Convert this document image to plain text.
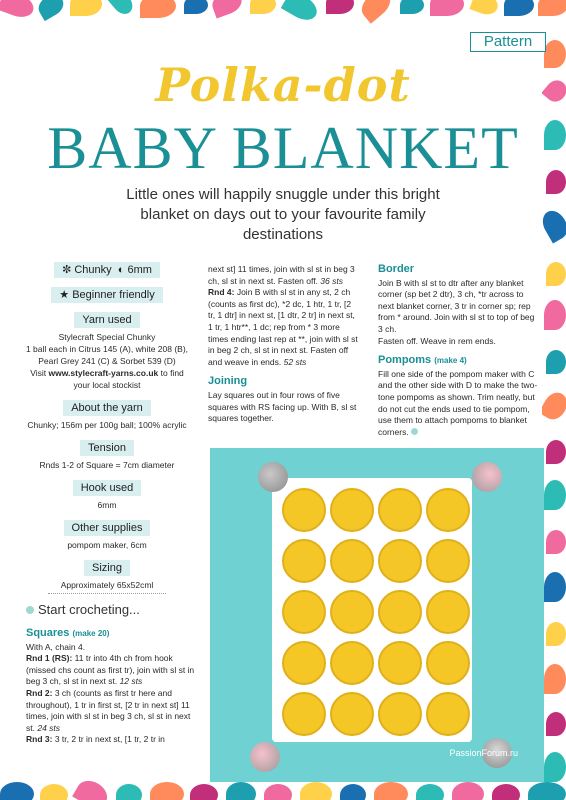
Pattern
Polka-dot
BABY BLANKET
Little ones will happily snuggle under this bright blanket on days out to your favourite family destinations
✼ Chunky ◐ 6mm
★ Beginner friendly
Yarn used
Stylecraft Special Chunky
1 ball each in Citrus 145 (A), white 208 (B), Pearl Grey 241 (C) & Sorbet 539 (D)
Visit www.stylecraft-yarns.co.uk to find your local stockist
About the yarn
Chunky; 156m per 100g ball; 100% acrylic
Tension
Rnds 1-2 of Square = 7cm diameter
Hook used
6mm
Other supplies
pompom maker, 6cm
Sizing
Approximately 65x52cml
Start crocheting...
Squares (make 20)
With A, chain 4.
Rnd 1 (RS): 11 tr into 4th ch from hook (missed chs count as first tr), join with sl st in beg 3 ch, sl st in next st. 12 sts
Rnd 2: 3 ch (counts as first tr here and throughout), 1 tr in first st, [2 tr in next st] 11 times, join with sl st in beg 3 ch, sl st in next st. 24 sts
Rnd 3: 3 tr, 2 tr in next st, [1 tr, 2 tr in
next st] 11 times, join with sl st in beg 3 ch, sl st in next st. Fasten off. 36 sts
Rnd 4: Join B with sl st in any st, 2 ch (counts as first dc), *2 dc, 1 htr, 1 tr, [2 tr, 1 dtr] in next st, [1 dtr, 2 tr] in next st, 1 tr, 1 htr**, 1 dc; rep from * 3 more times ending last rep at **, join with sl st in beg 2 ch, sl st in next st. Fasten off and weave in ends. 52 sts
Joining
Lay squares out in four rows of five squares with RS facing up. With B, sl st squares together.
Border
Join B with sl st to dtr after any blanket corner (sp bet 2 dtr), 3 ch, *tr across to next blanket corner, 3 tr in corner sp; rep from * around. Join with sl st to top of beg 3 ch.
Fasten off. Weave in rem ends.
Pompoms (make 4)
Fill one side of the pompom maker with C and the other side with D to make the two-tone pompoms as shown. Trim neatly, but do not cut the ends used to tie pompom, use them to attach pompoms to blanket corners.
PassionForum.ru
